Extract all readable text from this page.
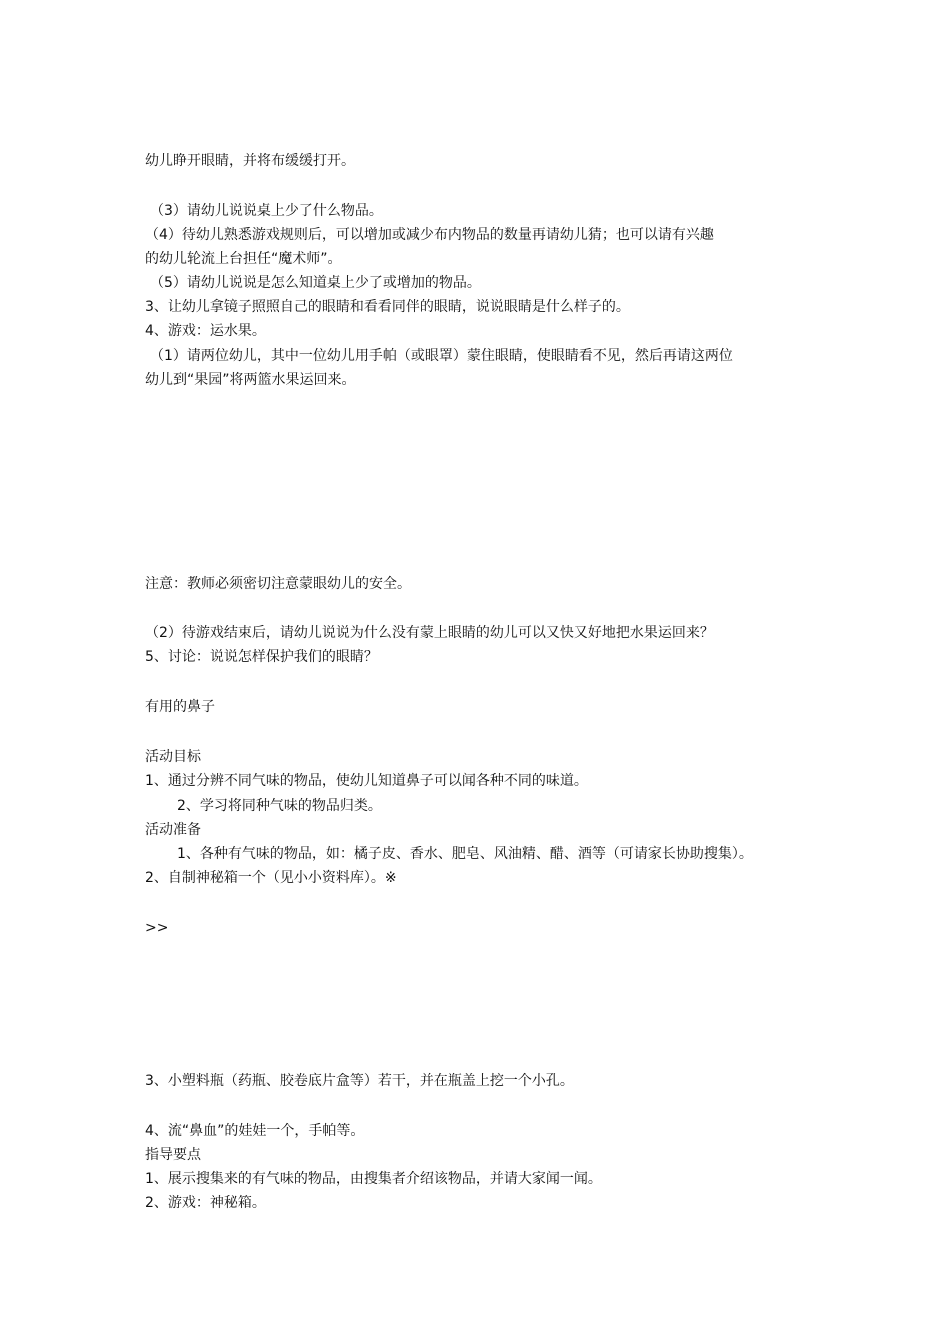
幼儿睁开眼睛，并将布缓缓打开。

（3）请幼儿说说桌上少了什么物品。

（4）待幼儿熟悉游戏规则后，可以增加或减少布内物品的数量再请幼儿猜；也可以请有兴趣

的幼儿轮流上台担任“魔术师”。

（5）请幼儿说说是怎么知道桌上少了或增加的物品。

3、让幼儿拿镜子照照自己的眼睛和看看同伴的眼睛，说说眼睛是什么样子的。

4、游戏：运水果。

（1）请两位幼儿，其中一位幼儿用手帕（或眼罩）蒙住眼睛，使眼睛看不见，然后再请这两位

幼儿到“果园”将两篮水果运回来。

注意：教师必须密切注意蒙眼幼儿的安全。

（2）待游戏结束后，请幼儿说说为什么没有蒙上眼睛的幼儿可以又快又好地把水果运回来？

5、讨论：说说怎样保护我们的眼睛？

有用的鼻子

活动目标

1、通过分辨不同气味的物品，使幼儿知道鼻子可以闻各种不同的味道。

2、学习将同种气味的物品归类。

活动准备

1、各种有气味的物品，如：橘子皮、香水、肥皂、风油精、醋、酒等（可请家长协助搜集）。

2、自制神秘箱一个（见小小资料库）。※

>>

3、小塑料瓶（药瓶、胶卷底片盒等）若干，并在瓶盖上挖一个小孔。

4、流“鼻血”的娃娃一个，手帕等。

指导要点

1、展示搜集来的有气味的物品，由搜集者介绍该物品，并请大家闻一闻。

2、游戏：神秘箱。
